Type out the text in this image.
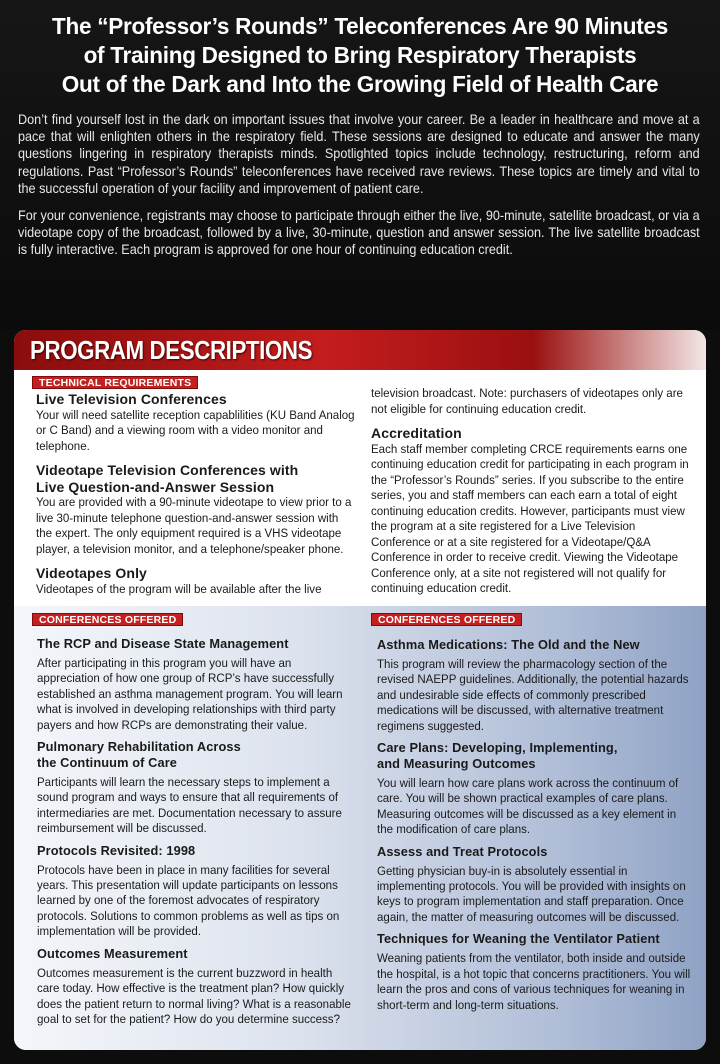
The “Professor’s Rounds” Teleconferences Are 90 Minutes
of Training Designed to Bring Respiratory Therapists
Out of the Dark and Into the Growing Field of Health Care

Don’t find yourself lost in the dark on important issues that involve your career. Be a leader in healthcare and move at a pace that will enlighten others in the respiratory field. These sessions are designed to educate and answer the many questions lingering in respiratory therapists minds. Spotlighted topics include technology, restructuring, reform and regulations. Past “Professor’s Rounds” teleconferences have received rave reviews. These topics are timely and vital to the successful operation of your facility and improvement of patient care.

For your convenience, registrants may choose to participate through either the live, 90-minute, satellite broadcast, or via a videotape copy of the broadcast, followed by a live, 30-minute, question and answer session. The live satellite broadcast is fully interactive. Each program is approved for one hour of continuing education credit.

PROGRAM DESCRIPTIONS
TECHNICAL REQUIREMENTS
Live Television Conferences

Your will need satellite reception capablilities (KU Band Analog or C Band) and a viewing room with a video monitor and telephone.

Videotape Television Conferences with Live Question-and-Answer Session

You are provided with a 90-minute videotape to view prior to a live 30-minute telephone question-and-answer session with the expert. The only equipment required is a VHS videotape player, a television monitor, and a telephone/speaker phone.

Videotapes Only

Videotapes of the program will be available after the live

television broadcast. Note: purchasers of videotapes only are not eligible for continuing education credit.

Accreditation

Each staff member completing CRCE requirements earns one continuing education credit for participating in each program in the “Professor’s Rounds” series. If you subscribe to the entire series, you and staff members can each earn a total of eight continuing education credits. However, participants must view the program at a site registered for a Live Television Conference or at a site registered for a Videotape/Q&A Conference in order to receive credit. Viewing the Videotape Conference only, at a site not registered will not qualify for continuing education credit.

CONFERENCES OFFERED	CONFERENCES OFFERED
The RCP and Disease State Management

After participating in this program you will have an appreciation of how one group of RCP’s have successfully established an asthma management program. You will learn what is involved in developing relationships with third party payers and how RCPs are demonstrating their value.

Pulmonary Rehabilitation Across the Continuum of Care

Participants will learn the necessary steps to implement a sound program and ways to ensure that all requirements of intermediaries are met. Documentation necessary to assure reimbursement will be discussed.

Protocols Revisited: 1998

Protocols have been in place in many facilities for several years. This presentation will update participants on lessons learned by one of the foremost advocates of respiratory protocols. Solutions to common problems as well as tips on implementation will be provided.

Outcomes Measurement

Outcomes measurement is the current buzzword in health care today. How effective is the treatment plan? How quickly does the patient return to normal living? What is a reasonable goal to set for the patient? How do you determine success?

Asthma Medications: The Old and the New

This program will review the pharmacology section of the revised NAEPP guidelines. Additionally, the potential hazards and undesirable side effects of commonly prescribed medications will be discussed, with alternative treatment regimens suggested.

Care Plans: Developing, Implementing, and Measuring Outcomes

You will learn how care plans work across the continuum of care. You will be shown practical examples of care plans. Measuring outcomes will be discussed as a key element in the modification of care plans.

Assess and Treat Protocols

Getting physician buy-in is absolutely essential in implementing protocols. You will be provided with insights on keys to program implementation and staff preparation. Once again, the matter of measuring outcomes will be discussed.

Techniques for Weaning the Ventilator Patient

Weaning patients from the ventilator, both inside and outside the hospital, is a hot topic that concerns practitioners. You will learn the pros and cons of various techniques for weaning in short-term and long-term situations.
